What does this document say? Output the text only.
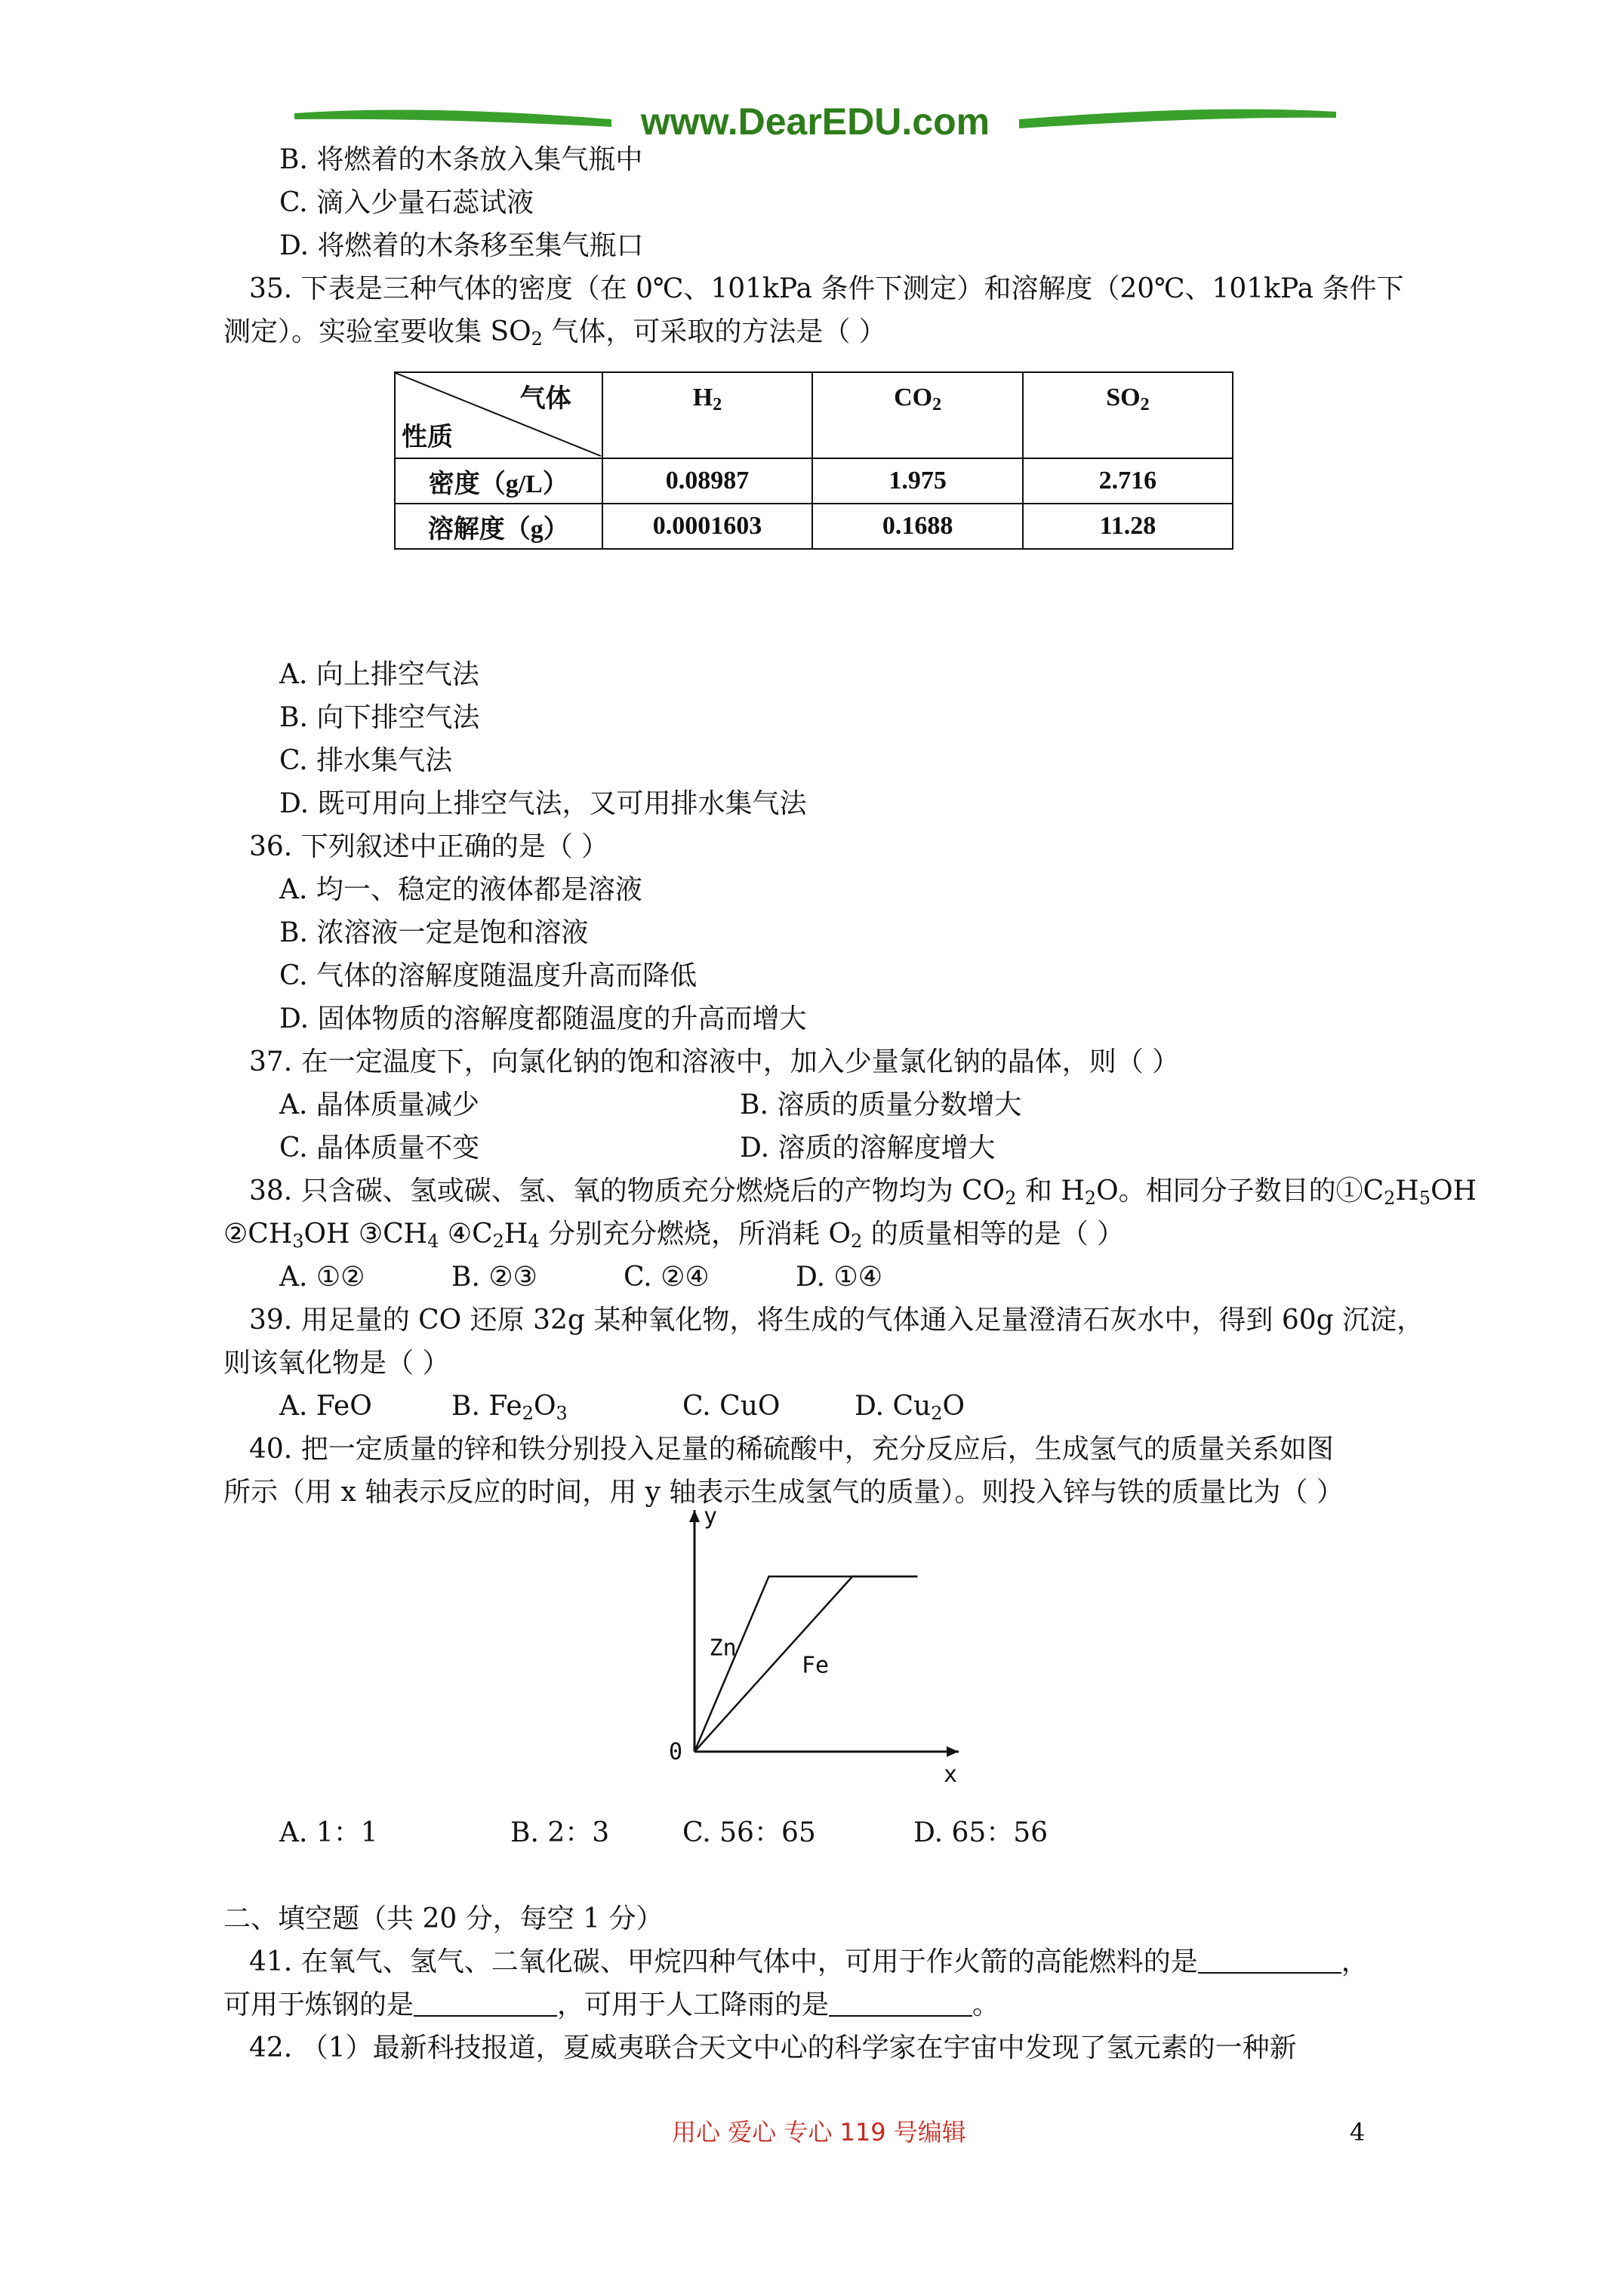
www.DearEDU.com
B. 将燃着的木条放入集气瓶中
C. 滴入少量石蕊试液
D. 将燃着的木条移至集气瓶口
35. 下表是三种气体的密度（在 0℃、101kPa 条件下测定）和溶解度（20℃、101kPa 条件下
测定）。实验室要收集 $SO_2$ 气体，可采取的方法是（ ）
气体
性质	$H_2$	$CO_2$	$SO_2$
密度（g/L）	0.08987	1.975	2.716
溶解度（g）	0.0001603	0.1688	11.28
A. 向上排空气法
B. 向下排空气法
C. 排水集气法
D. 既可用向上排空气法，又可用排水集气法
36. 下列叙述中正确的是（ ）
A. 均一、稳定的液体都是溶液
B. 浓溶液一定是饱和溶液
C. 气体的溶解度随温度升高而降低
D. 固体物质的溶解度都随温度的升高而增大
37. 在一定温度下，向氯化钠的饱和溶液中，加入少量氯化钠的晶体，则（ ）
A. 晶体质量减少	B. 溶质的质量分数增大
C. 晶体质量不变	D. 溶质的溶解度增大
38. 只含碳、氢或碳、氢、氧的物质充分燃烧后的产物均为 $CO_2$ 和 $H_2O$。相同分子数目的$①C_2H_5OH$
$②CH_3OH$ $③CH_4$ $④C_2H_4$ 分别充分燃烧，所消耗 $O_2$ 的质量相等的是（ ）
A. ①②	B. ②③	C. ②④	D. ①④
39. 用足量的 CO 还原 32g 某种氧化物，将生成的气体通入足量澄清石灰水中，得到 60g 沉淀，
则该氧化物是（ ）
A. FeO	B. $Fe_2O_3$	C. CuO	D. $Cu_2O$
40. 把一定质量的锌和铁分别投入足量的稀硫酸中，充分反应后，生成氢气的质量关系如图
所示（用 x 轴表示反应的时间，用 y 轴表示生成氢气的质量）。则投入锌与铁的质量比为（ ）
Zn
Fe
0
x
y
A. 1：1	B. 2：3	C. 56：65	D. 65：56
二、填空题（共 20 分，每空 1 分）
41. 在氧气、氢气、二氧化碳、甲烷四种气体中，可用于作火箭的高能燃料的是	，
可用于炼钢的是	，可用于人工降雨的是	。
42. （1）最新科技报道，夏威夷联合天文中心的科学家在宇宙中发现了氢元素的一种新
用心 爱心 专心 119 号编辑	4
